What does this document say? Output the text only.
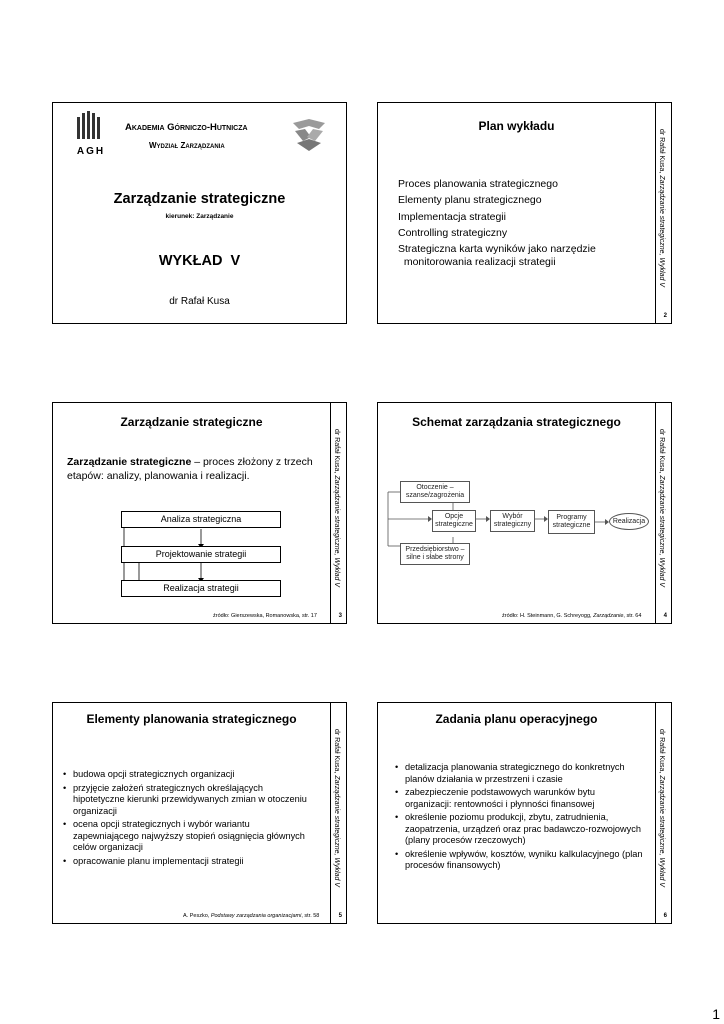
AGH
Akademia Górniczo-Hutnicza
Wydział Zarządzania
Zarządzanie strategiczne
kierunek: Zarządzanie
WYKŁAD  V
dr Rafał Kusa
Plan wykładu
Proces planowania strategicznego
Elementy planu strategicznego
Implementacja strategii
Controlling strategiczny
Strategiczna karta wyników jako narzędzie
monitorowania realizacji strategii
dr Rafał Kusa, Zarządzanie strategiczne, Wykład V
2
Zarządzanie strategiczne
Zarządzanie strategiczne – proces złożony z trzech etapów: analizy, planowania i realizacji.
Analiza strategiczna
Projektowanie strategii
Realizacja strategii
źródło: Gierszewska, Romanowska, str. 17
dr Rafał Kusa, Zarządzanie strategiczne, Wykład V
3
Schemat zarządzania strategicznego
Otoczenie – szanse/zagrożenia
Przedsiębiorstwo – silne i słabe strony
Opcje strategiczne
Wybór strategiczny
Programy strategiczne
Realizacja
źródło: H. Steinmann, G. Schreyogg, Zarządzanie, str. 64
dr Rafał Kusa, Zarządzanie strategiczne, Wykład V
4
Elementy planowania strategicznego
• budowa opcji strategicznych organizacji
• przyjęcie założeń strategicznych określających hipotetyczne kierunki przewidywanych zmian w otoczeniu organizacji
• ocena opcji strategicznych i wybór wariantu zapewniającego najwyższy stopień osiągnięcia głównych celów organizacji
• opracowanie planu implementacji strategii
A. Peszko, Podstawy zarządzania organizacjami, str. 58
dr Rafał Kusa, Zarządzanie strategiczne, Wykład V
5
Zadania planu operacyjnego
• detalizacja planowania strategicznego do konkretnych planów działania w przestrzeni i czasie
• zabezpieczenie podstawowych warunków bytu organizacji: rentowności i płynności finansowej
• określenie poziomu produkcji, zbytu, zatrudnienia, zaopatrzenia, urządzeń oraz prac badawczo-rozwojowych (plany procesów rzeczowych)
• określenie wpływów, kosztów, wyniku kalkulacyjnego (plan procesów finansowych)
dr Rafał Kusa, Zarządzanie strategiczne, Wykład V
6
1
